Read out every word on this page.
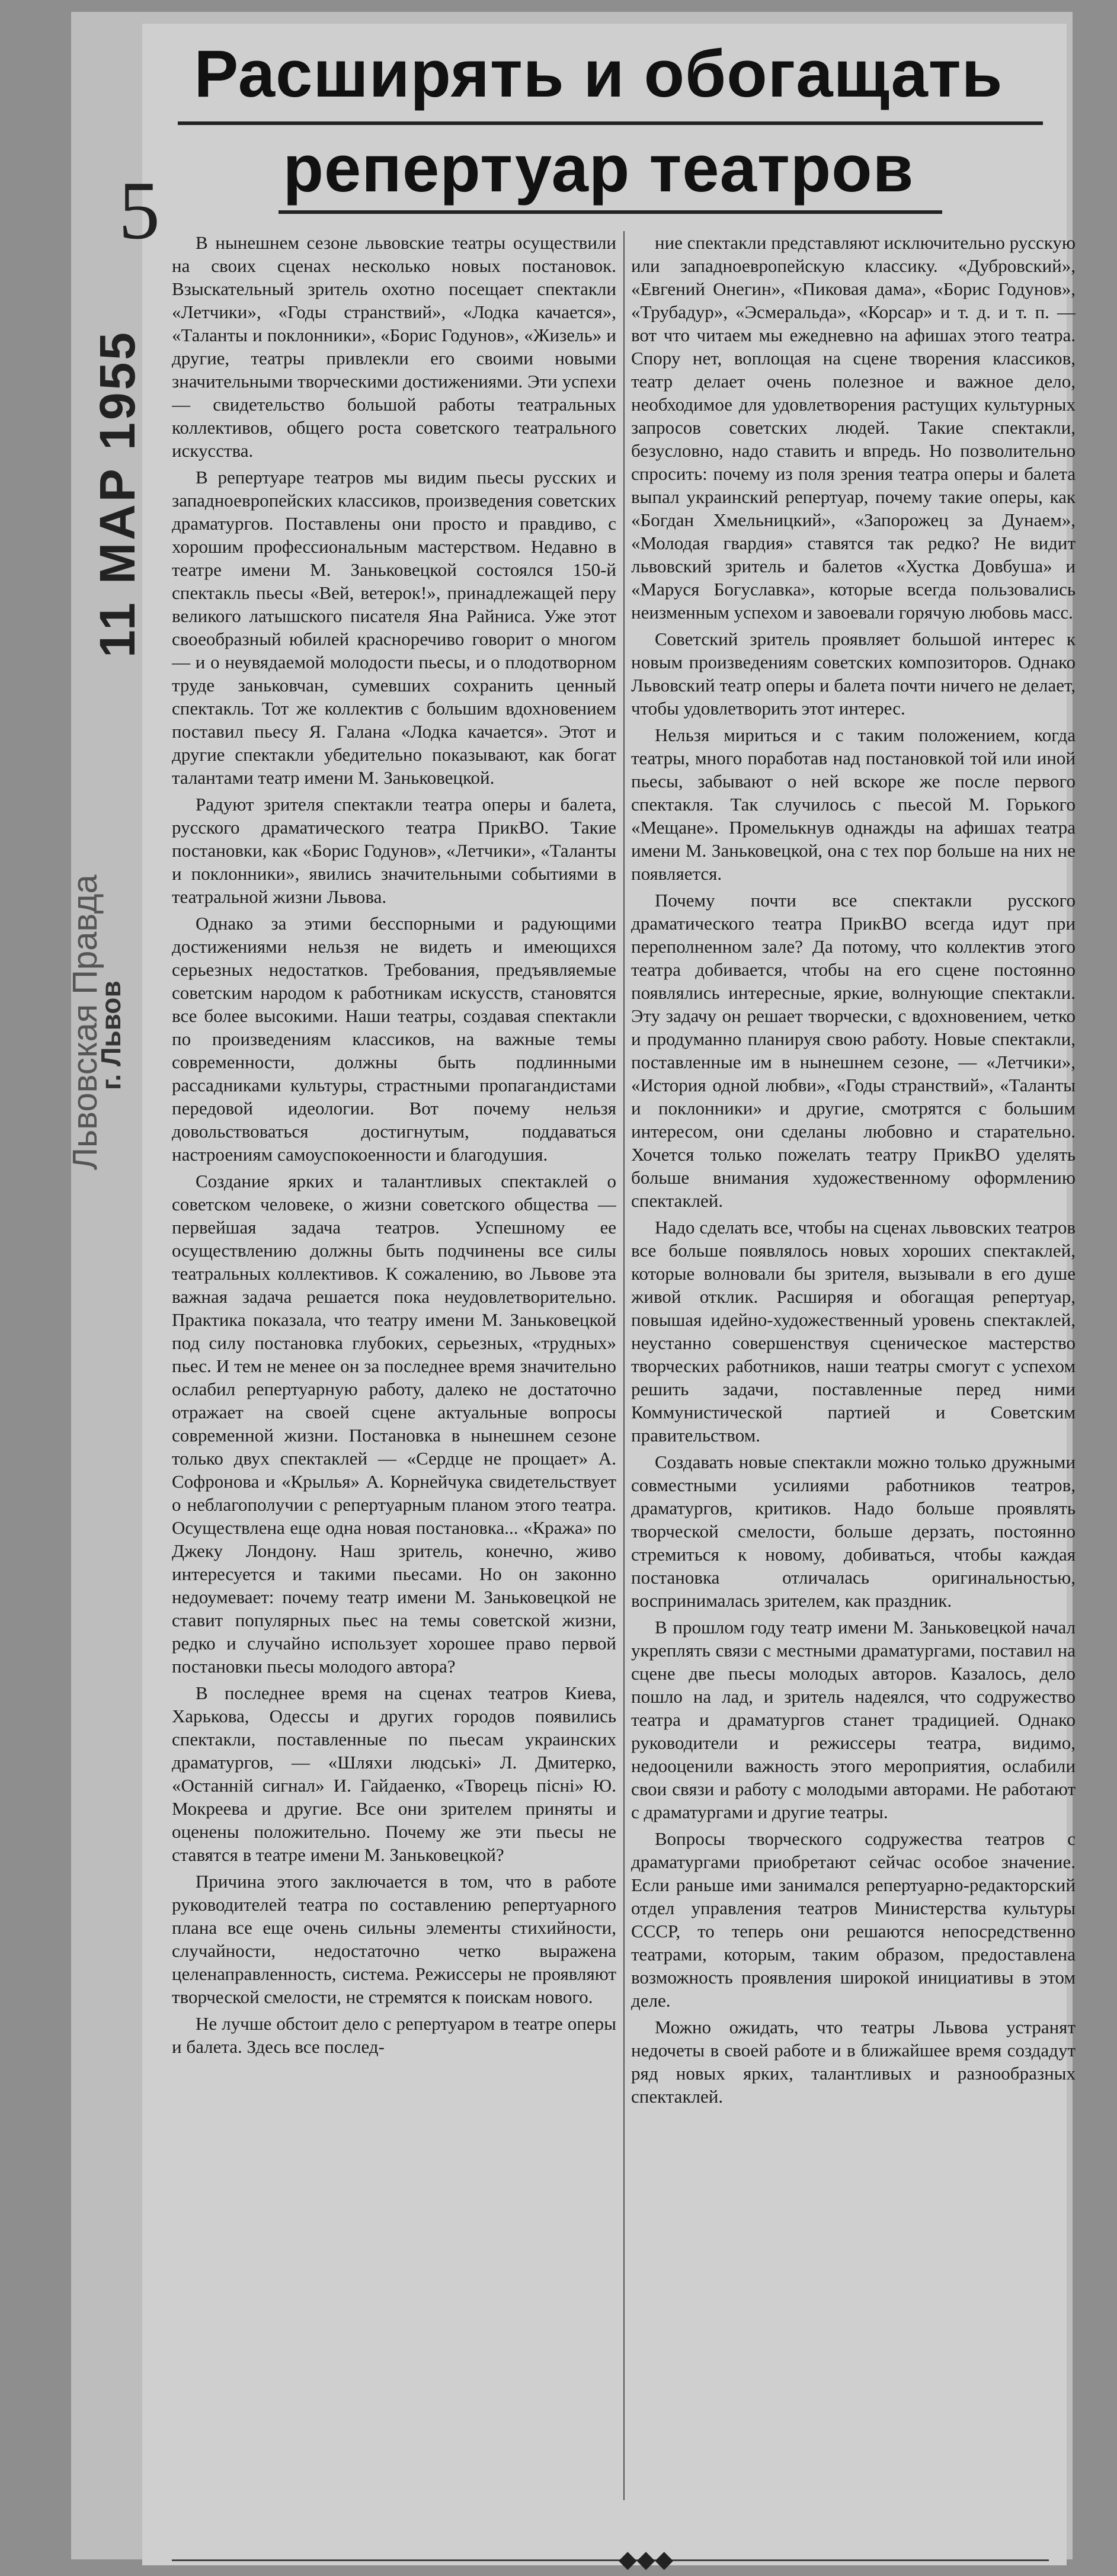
Расширять и обогащать
репертуар театров
5
11 МАР 1955
Львовская Правда
г. Львов

В нынешнем сезоне львовские театры осуществили на своих сценах несколько новых постановок. Взыскательный зритель охотно посещает спектакли «Летчики», «Годы странствий», «Лодка качается», «Таланты и поклонники», «Борис Годунов», «Жизель» и другие, театры привлекли его своими новыми значительными творческими достижениями. Эти успехи — свидетельство большой работы театральных коллективов, общего роста советского театрального искусства.

В репертуаре театров мы видим пьесы русских и западноевропейских классиков, произведения советских драматургов. Поставлены они просто и правдиво, с хорошим профессиональным мастерством. Недавно в театре имени М. Заньковецкой состоялся 150-й спектакль пьесы «Вей, ветерок!», принадлежащей перу великого латышского писателя Яна Райниса. Уже этот своеобразный юбилей красноречиво говорит о многом — и о неувядаемой молодости пьесы, и о плодотворном труде заньковчан, сумевших сохранить ценный спектакль. Тот же коллектив с большим вдохновением поставил пьесу Я. Галана «Лодка качается». Этот и другие спектакли убедительно показывают, как богат талантами театр имени М. Заньковецкой.

Радуют зрителя спектакли театра оперы и балета, русского драматического театра ПрикВО. Такие постановки, как «Борис Годунов», «Летчики», «Таланты и поклонники», явились значительными событиями в театральной жизни Львова.

Однако за этими бесспорными и радующими достижениями нельзя не видеть и имеющихся серьезных недостатков. Требования, предъявляемые советским народом к работникам искусств, становятся все более высокими. Наши театры, создавая спектакли по произведениям классиков, на важные темы современности, должны быть подлинными рассадниками культуры, страстными пропагандистами передовой идеологии. Вот почему нельзя довольствоваться достигнутым, поддаваться настроениям самоуспокоенности и благодушия.

Создание ярких и талантливых спектаклей о советском человеке, о жизни советского общества — первейшая задача театров. Успешному ее осуществлению должны быть подчинены все силы театральных коллективов. К сожалению, во Львове эта важная задача решается пока неудовлетворительно. Практика показала, что театру имени М. Заньковецкой под силу постановка глубоких, серьезных, «трудных» пьес. И тем не менее он за последнее время значительно ослабил репертуарную работу, далеко не достаточно отражает на своей сцене актуальные вопросы современной жизни. Постановка в нынешнем сезоне только двух спектаклей — «Сердце не прощает» А. Софронова и «Крылья» А. Корнейчука свидетельствует о неблагополучии с репертуарным планом этого театра. Осуществлена еще одна новая постановка... «Кража» по Джеку Лондону. Наш зритель, конечно, живо интересуется и такими пьесами. Но он законно недоумевает: почему театр имени М. Заньковецкой не ставит популярных пьес на темы советской жизни, редко и случайно использует хорошее право первой постановки пьесы молодого автора?

В последнее время на сценах театров Киева, Харькова, Одессы и других городов появились спектакли, поставленные по пьесам украинских драматургов, — «Шляхи людські» Л. Дмитерко, «Останній сигнал» И. Гайдаенко, «Творець пісні» Ю. Мокреева и другие. Все они зрителем приняты и оценены положительно. Почему же эти пьесы не ставятся в театре имени М. Заньковецкой?

Причина этого заключается в том, что в работе руководителей театра по составлению репертуарного плана все еще очень сильны элементы стихийности, случайности, недостаточно четко выражена целенаправленность, система. Режиссеры не проявляют творческой смелости, не стремятся к поискам нового.

Не лучше обстоит дело с репертуаром в театре оперы и балета. Здесь все послед-

ние спектакли представляют исключительно русскую или западноевропейскую классику. «Дубровский», «Евгений Онегин», «Пиковая дама», «Борис Годунов», «Трубадур», «Эсмеральда», «Корсар» и т. д. и т. п. — вот что читаем мы ежедневно на афишах этого театра. Спору нет, воплощая на сцене творения классиков, театр делает очень полезное и важное дело, необходимое для удовлетворения растущих культурных запросов советских людей. Такие спектакли, безусловно, надо ставить и впредь. Но позволительно спросить: почему из поля зрения театра оперы и балета выпал украинский репертуар, почему такие оперы, как «Богдан Хмельницкий», «Запорожец за Дунаем», «Молодая гвардия» ставятся так редко? Не видит львовский зритель и балетов «Хустка Довбуша» и «Маруся Богуславка», которые всегда пользовались неизменным успехом и завоевали горячую любовь масс.

Советский зритель проявляет большой интерес к новым произведениям советских композиторов. Однако Львовский театр оперы и балета почти ничего не делает, чтобы удовлетворить этот интерес.

Нельзя мириться и с таким положением, когда театры, много поработав над постановкой той или иной пьесы, забывают о ней вскоре же после первого спектакля. Так случилось с пьесой М. Горького «Мещане». Промелькнув однажды на афишах театра имени М. Заньковецкой, она с тех пор больше на них не появляется.

Почему почти все спектакли русского драматического театра ПрикВО всегда идут при переполненном зале? Да потому, что коллектив этого театра добивается, чтобы на его сцене постоянно появлялись интересные, яркие, волнующие спектакли. Эту задачу он решает творчески, с вдохновением, четко и продуманно планируя свою работу. Новые спектакли, поставленные им в нынешнем сезоне, — «Летчики», «История одной любви», «Годы странствий», «Таланты и поклонники» и другие, смотрятся с большим интересом, они сделаны любовно и старательно. Хочется только пожелать театру ПрикВО уделять больше внимания художественному оформлению спектаклей.

Надо сделать все, чтобы на сценах львовских театров все больше появлялось новых хороших спектаклей, которые волновали бы зрителя, вызывали в его душе живой отклик. Расширяя и обогащая репертуар, повышая идейно-художественный уровень спектаклей, неустанно совершенствуя сценическое мастерство творческих работников, наши театры смогут с успехом решить задачи, поставленные перед ними Коммунистической партией и Советским правительством.

Создавать новые спектакли можно только дружными совместными усилиями работников театров, драматургов, критиков. Надо больше проявлять творческой смелости, больше дерзать, постоянно стремиться к новому, добиваться, чтобы каждая постановка отличалась оригинальностью, воспринималась зрителем, как праздник.

В прошлом году театр имени М. Заньковецкой начал укреплять связи с местными драматургами, поставил на сцене две пьесы молодых авторов. Казалось, дело пошло на лад, и зритель надеялся, что содружество театра и драматургов станет традицией. Однако руководители и режиссеры театра, видимо, недооценили важность этого мероприятия, ослабили свои связи и работу с молодыми авторами. Не работают с драматургами и другие театры.

Вопросы творческого содружества театров с драматургами приобретают сейчас особое значение. Если раньше ими занимался репертуарно-редакторский отдел управления театров Министерства культуры СССР, то теперь они решаются непосредственно театрами, которым, таким образом, предоставлена возможность проявления широкой инициативы в этом деле.

Можно ожидать, что театры Львова устранят недочеты в своей работе и в ближайшее время создадут ряд новых ярких, талантливых и разнообразных спектаклей.

◆◆◆
